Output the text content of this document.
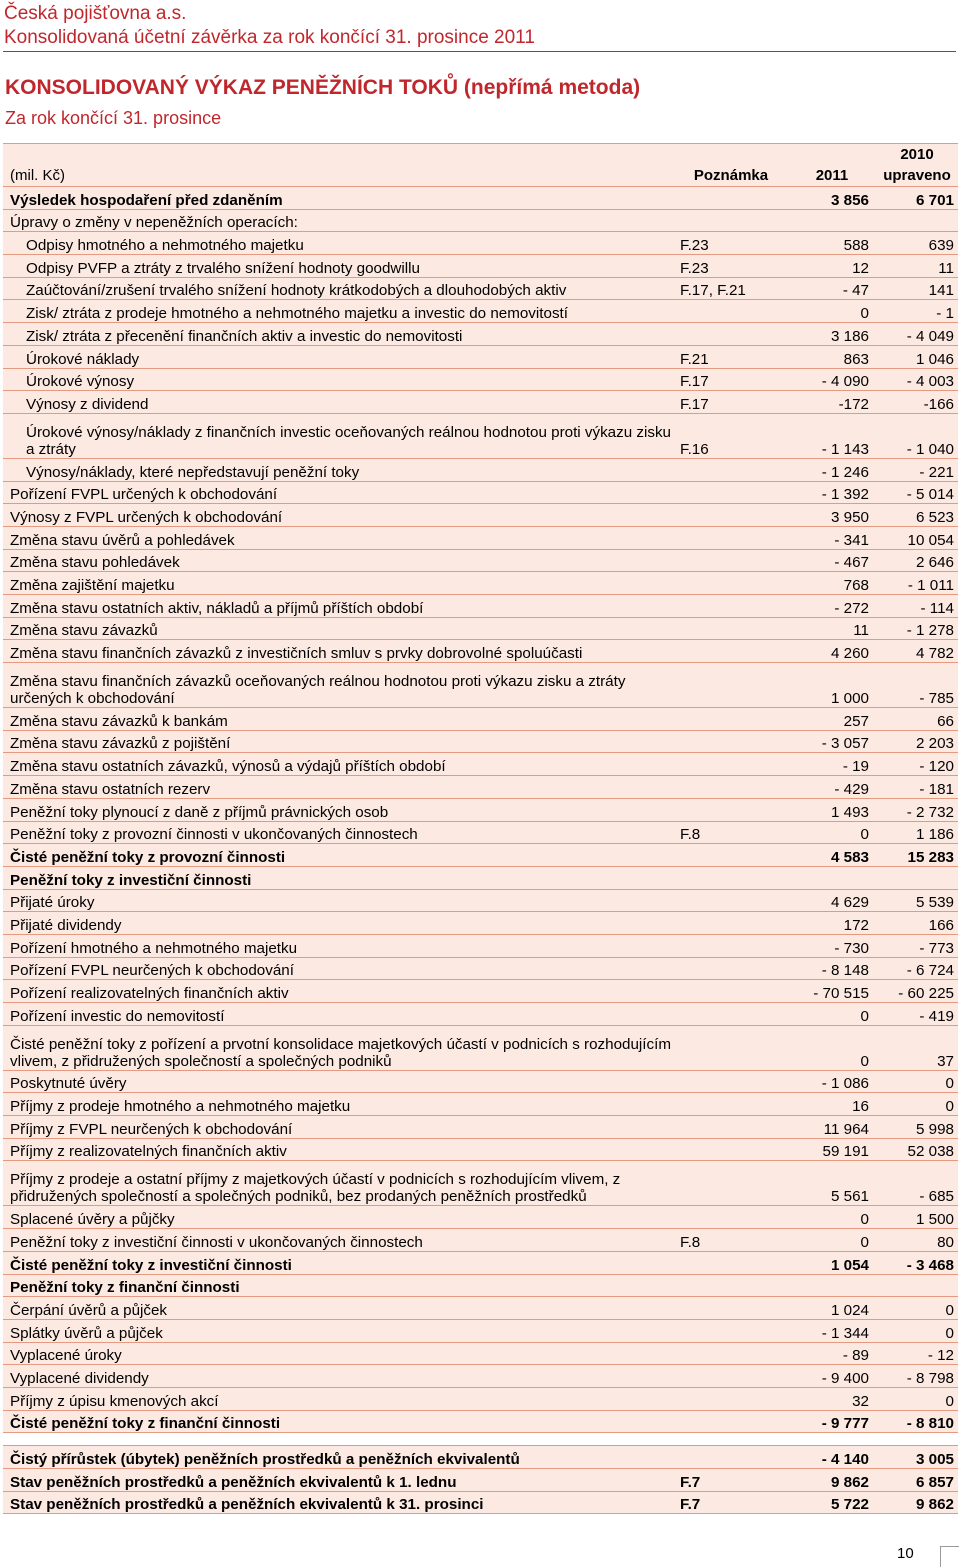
Česká pojišťovna a.s.
Konsolidovaná účetní závěrka za rok končící 31. prosince 2011
KONSOLIDOVANÝ VÝKAZ PENĚŽNÍCH TOKŮ (nepřímá metoda)
Za rok končící 31. prosince
(mil. Kč)	Poznámka	2011	2010
upraveno
Výsledek hospodaření před zdaněním		3 856	6 701
Úpravy o změny v nepeněžních operacích:			
Odpisy hmotného a nehmotného majetku	F.23	588	639
Odpisy PVFP a ztráty z trvalého snížení hodnoty goodwillu	F.23	12	11
Zaúčtování/zrušení trvalého snížení hodnoty krátkodobých a dlouhodobých aktiv	F.17, F.21	- 47	141
Zisk/ ztráta z prodeje hmotného a nehmotného majetku a investic do nemovitostí		0	- 1
Zisk/ ztráta z přecenění finančních aktiv a investic do nemovitosti		3 186	- 4 049
Úrokové náklady	F.21	863	1 046
Úrokové výnosy	F.17	- 4 090	- 4 003
Výnosy z dividend	F.17	-172	-166
Úrokové výnosy/náklady z finančních investic oceňovaných reálnou hodnotou proti výkazu zisku a ztráty	F.16	- 1 143	- 1 040
Výnosy/náklady, které nepředstavují peněžní toky		- 1 246	- 221
Pořízení FVPL určených k obchodování		- 1 392	- 5 014
Výnosy z FVPL určených k obchodování		3 950	6 523
Změna stavu úvěrů a pohledávek		- 341	10 054
Změna stavu pohledávek		- 467	2 646
Změna zajištění majetku		768	- 1 011
Změna stavu ostatních aktiv, nákladů a příjmů příštích období		- 272	- 114
Změna stavu závazků		11	- 1 278
Změna stavu finančních závazků z investičních smluv s prvky dobrovolné spoluúčasti		4 260	4 782
Změna stavu finančních závazků oceňovaných reálnou hodnotou proti výkazu zisku a ztráty určených k obchodování		1 000	- 785
Změna stavu závazků k bankám		257	66
Změna stavu závazků z pojištění		- 3 057	2 203
Změna stavu ostatních závazků, výnosů a výdajů příštích období		- 19	- 120
Změna stavu ostatních rezerv		- 429	- 181
Peněžní toky plynoucí z daně z příjmů právnických osob		1 493	- 2 732
Peněžní toky z provozní činnosti v ukončovaných činnostech	F.8	0	1 186
Čisté peněžní toky z provozní činnosti		4 583	15 283
Peněžní toky z investiční činnosti			
Přijaté úroky		4 629	5 539
Přijaté dividendy		172	166
Pořízení hmotného a nehmotného majetku		- 730	- 773
Pořízení FVPL neurčených k obchodování		- 8 148	- 6 724
Pořízení realizovatelných finančních aktiv		- 70 515	- 60 225
Pořízení investic do nemovitostí		0	- 419
Čisté peněžní toky z pořízení a prvotní konsolidace majetkových účastí v podnicích s rozhodujícím vlivem, z přidružených společností a společných podniků		0	37
Poskytnuté úvěry		- 1 086	0
Příjmy z prodeje hmotného a nehmotného majetku		16	0
Příjmy z FVPL neurčených k obchodování		11 964	5 998
Příjmy z realizovatelných finančních aktiv		59 191	52 038
Příjmy z prodeje a ostatní příjmy z majetkových účastí v podnicích s rozhodujícím vlivem, z přidružených společností a společných podniků, bez prodaných peněžních prostředků		5 561	- 685
Splacené úvěry a půjčky		0	1 500
Peněžní toky z investiční činnosti v ukončovaných činnostech	F.8	0	80
Čisté peněžní toky z investiční činnosti		1 054	- 3 468
Peněžní toky z finanční činnosti			
Čerpání úvěrů a půjček		1 024	0
Splátky úvěrů a půjček		- 1 344	0
Vyplacené úroky		- 89	- 12
Vyplacené dividendy		- 9 400	- 8 798
Příjmy z úpisu kmenových akcí		32	0
Čisté peněžní toky z finanční činnosti		- 9 777	- 8 810

Čistý přírůstek (úbytek) peněžních prostředků a peněžních ekvivalentů		- 4 140	3 005
Stav peněžních prostředků a peněžních ekvivalentů k 1. lednu	F.7	9 862	6 857
Stav peněžních prostředků a peněžních ekvivalentů k 31. prosinci	F.7	5 722	9 862
10
